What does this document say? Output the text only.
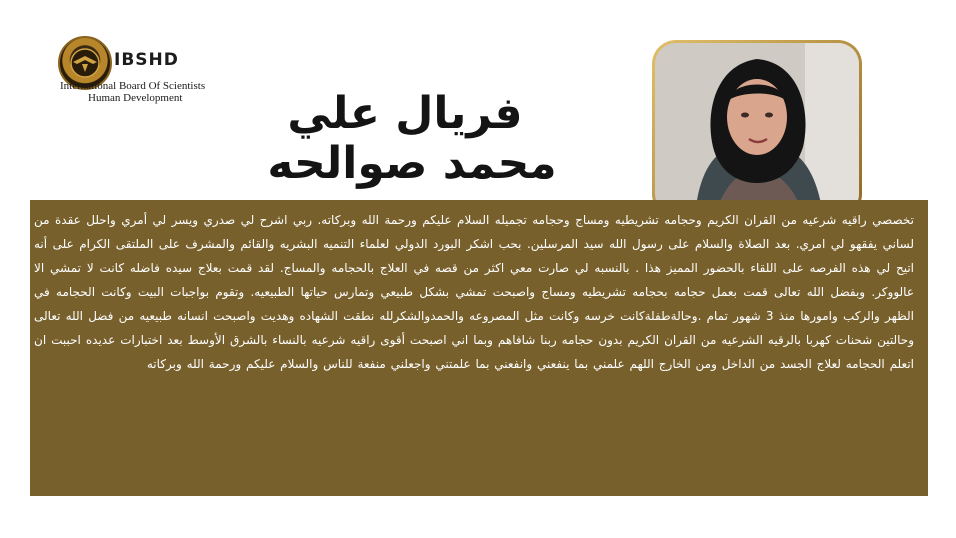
IBSHD
International Board Of Scientists
Human Development	فريال علي
محمد صوالحه

تخصصي راقيه شرعيه من القران الكريم وحجامه تشريطيه ومساج وحجامه تجميله السلام عليكم ورحمة الله وبركاته. ربي اشرح لي صدري ويسر لي أمري واحلل عقدة من لساني يفقهو لي امري. بعد الصلاة والسلام على رسول الله سيد المرسلين. بحب اشكر البورد الدولي لعلماء التنميه البشريه والقائم والمشرف على الملتقى الكرام على أنه اتيح لي هذه الفرصه على اللقاء بالحضور المميز هذا . بالنسبه لي صارت معي اكثر من قصه في العلاج بالحجامه والمساج. لقد قمت بعلاج سيده فاضله كانت لا تمشي الا عالووكر. وبفضل الله تعالى قمت بعمل حجامه بحجامه تشريطيه ومساج واصبحت تمشي بشكل طبيعي وتمارس حياتها الطبيعيه. وتقوم بواجبات البيت وكانت الحجامه في الظهر والركب وامورها منذ 3 شهور تمام .وحالةطفلةكانت خرسه وكانت مثل المصروعه والحمدوالشكرلله نطقت الشهاده وهديت واصبحت انسانه طبيعيه من فضل الله تعالى وحالتين شحنات كهربا بالرقيه الشرعيه من القران الكريم بدون حجامه ربنا شافاهم وبما اني اصبحت أقوى راقيه شرعيه بالنساء بالشرق الأوسط بعد اختبارات عديده احببت ان اتعلم الحجامه لعلاج الجسد من الداخل ومن الخارج اللهم علمني بما ينفعني وانفعني بما علمتني واجعلني منفعة للناس والسلام عليكم ورحمة الله وبركاته
